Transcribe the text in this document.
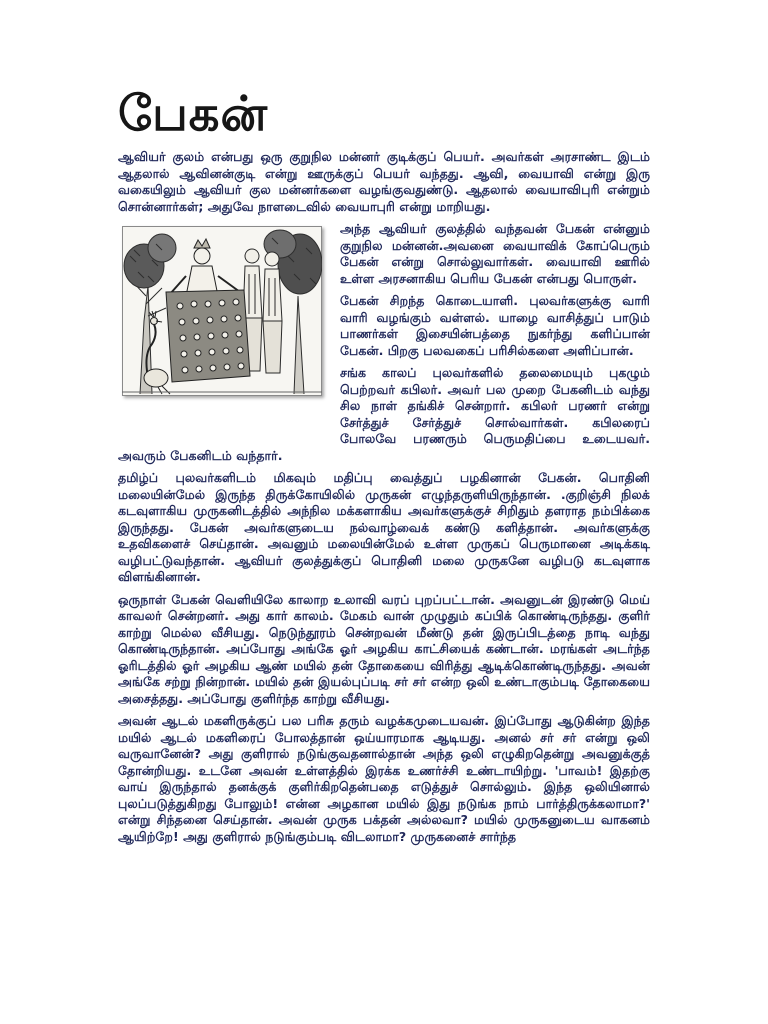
பேகன்

ஆவியர் குலம் என்பது ஒரு குறுநில மன்னர் குடிக்குப் பெயர். அவர்கள் அரசாண்ட இடம் ஆதலால் ஆவினன்குடி என்று ஊருக்குப் பெயர் வந்தது. ஆவி, வையாவி என்று இரு வகையிலும் ஆவியர் குல மன்னர்களை வழங்குவதுண்டு. ஆதலால் வையாவிபுரி என்றும் சொன்னார்கள்; அதுவே நாளடைவில் வையாபுரி என்று மாறியது.

அந்த ஆவியர் குலத்தில் வந்தவன் பேகன் என்னும் குறுநில மன்னன்.அவனை வையாவிக் கோப்பெரும் பேகன் என்று சொல்லுவார்கள். வையாவி ஊரில் உள்ள அரசனாகிய பெரிய பேகன் என்பது பொருள்.

பேகன் சிறந்த கொடையாளி. புலவர்களுக்கு வாரி வாரி வழங்கும் வள்ளல். யாழை வாசித்துப் பாடும் பாணர்கள் இசையின்பத்தை நுகர்ந்து களிப்பான் பேகன். பிறகு பலவகைப் பரிசில்களை அளிப்பான்.

சங்க காலப் புலவர்களில் தலைமையும் புகழும் பெற்றவர் கபிலர். அவர் பல முறை பேகனிடம் வந்து சில நாள் தங்கிச் சென்றார். கபிலர் பரணர் என்று சேர்த்துச் சேர்த்துச் சொல்வார்கள். கபிலரைப் போலவே பரணரும் பெருமதிப்பை உடையவர். அவரும் பேகனிடம் வந்தார்.

தமிழ்ப் புலவர்களிடம் மிகவும் மதிப்பு வைத்துப் பழகினான் பேகன். பொதினி மலையின்மேல் இருந்த திருக்கோயிலில் முருகன் எழுந்தருளியிருந்தான். .குறிஞ்சி நிலக் கடவுளாகிய முருகனிடத்தில் அந்நில மக்களாகிய அவர்களுக்குச் சிறிதும் தளராத நம்பிக்கை இருந்தது. பேகன் அவர்களுடைய நல்வாழ்வைக் கண்டு களித்தான். அவர்களுக்கு உதவிகளைச் செய்தான். அவனும் மலையின்மேல் உள்ள முருகப் பெருமானை அடிக்கடி வழிபட்டுவந்தான். ஆவியர் குலத்துக்குப் பொதினி மலை முருகனே வழிபடு கடவுளாக விளங்கினான்.

ஒருநாள் பேகன் வெளியிலே காலாற உலாவி வரப் புறப்பட்டான். அவனுடன் இரண்டு மெய் காவலர் சென்றனர். அது கார் காலம். மேகம் வான் முழுதும் கப்பிக் கொண்டிருந்தது. குளிர் காற்று மெல்ல வீசியது. நெடுந்தூரம் சென்றவன் மீண்டு தன் இருப்பிடத்தை நாடி வந்து கொண்டிருந்தான். அப்போது அங்கே ஓர் அழகிய காட்சியைக் கண்டான். மரங்கள் அடர்ந்த ஓரிடத்தில் ஓர் அழகிய ஆண் மயில் தன் தோகையை விரித்து ஆடிக்கொண்டிருந்தது. அவன் அங்கே சற்று நின்றான். மயில் தன் இயல்புப்படி சர் சர் என்ற ஒலி உண்டாகும்படி தோகையை அசைத்தது. அப்போது குளிர்ந்த காற்று வீசியது.

அவன் ஆடல் மகளிருக்குப் பல பரிசு தரும் வழக்கமுடையவன். இப்போது ஆடுகின்ற இந்த மயில் ஆடல் மகளிரைப் போலத்தான் ஒய்யாரமாக ஆடியது. அனல் சர் சர் என்று ஒலி வருவானேன்? அது குளிரால் நடுங்குவதனால்தான் அந்த ஒலி எழுகிறதென்று அவனுக்குத் தோன்றியது. உடனே அவன் உள்ளத்தில் இரக்க உணர்ச்சி உண்டாயிற்று. 'பாவம்! இதற்கு வாய் இருந்தால் தனக்குக் குளிர்கிறதென்பதை எடுத்துச் சொல்லும். இந்த ஒலியினால் புலப்படுத்துகிறது போலும்! என்ன அழகான மயில் இது நடுங்க நாம் பார்த்திருக்கலாமா?' என்று சிந்தனை செய்தான். அவன் முருக பக்தன் அல்லவா? மயில் முருகனுடைய வாகனம் ஆயிற்றே! அது குளிரால் நடுங்கும்படி விடலாமா? முருகனைச் சார்ந்த
